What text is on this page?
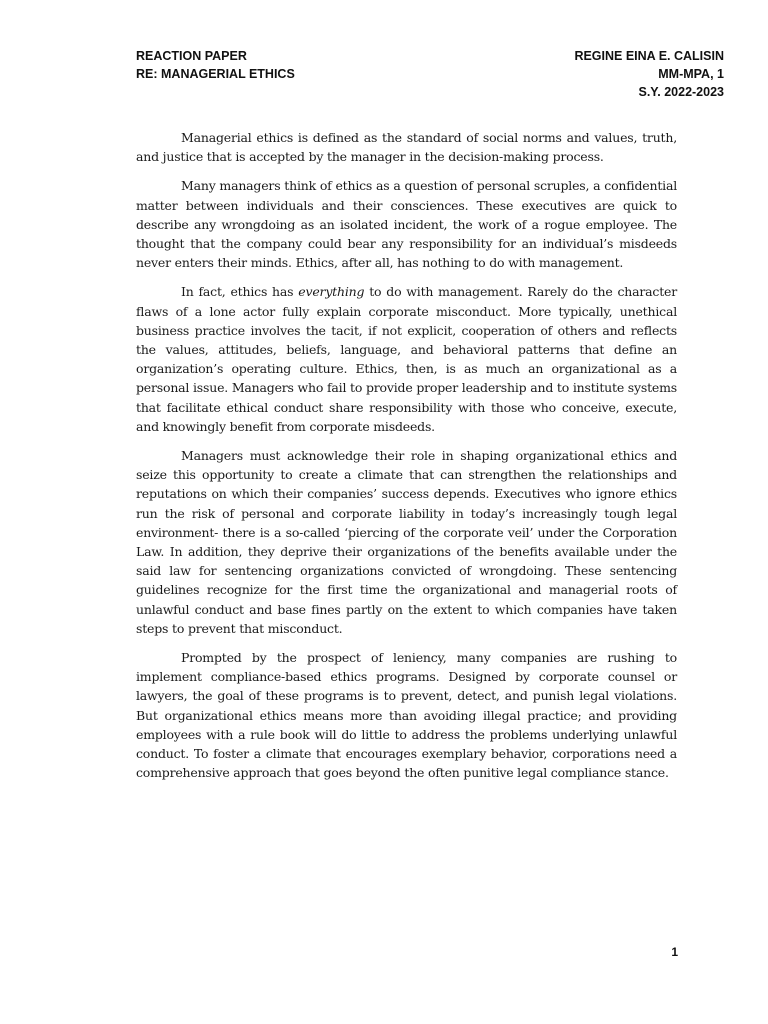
REACTION PAPER	REGINE EINA E. CALISIN
RE: MANAGERIAL ETHICS	MM-MPA, 1
S.Y. 2022-2023

Managerial ethics is defined as the standard of social norms and values, truth, and justice that is accepted by the manager in the decision-making process.

Many managers think of ethics as a question of personal scruples, a confidential matter between individuals and their consciences. These executives are quick to describe any wrongdoing as an isolated incident, the work of a rogue employee. The thought that the company could bear any responsibility for an individual’s misdeeds never enters their minds. Ethics, after all, has nothing to do with management.

In fact, ethics has everything to do with management. Rarely do the character flaws of a lone actor fully explain corporate misconduct. More typically, unethical business practice involves the tacit, if not explicit, cooperation of others and reflects the values, attitudes, beliefs, language, and behavioral patterns that define an organization’s operating culture. Ethics, then, is as much an organizational as a personal issue. Managers who fail to provide proper leadership and to institute systems that facilitate ethical conduct share responsibility with those who conceive, execute, and knowingly benefit from corporate misdeeds.

Managers must acknowledge their role in shaping organizational ethics and seize this opportunity to create a climate that can strengthen the relationships and reputations on which their companies’ success depends. Executives who ignore ethics run the risk of personal and corporate liability in today’s increasingly tough legal environment- there is a so-called ‘piercing of the corporate veil’ under the Corporation Law. In addition, they deprive their organizations of the benefits available under the said law for sentencing organizations convicted of wrongdoing. These sentencing guidelines recognize for the first time the organizational and managerial roots of unlawful conduct and base fines partly on the extent to which companies have taken steps to prevent that misconduct.

Prompted by the prospect of leniency, many companies are rushing to implement compliance-based ethics programs. Designed by corporate counsel or lawyers, the goal of these programs is to prevent, detect, and punish legal violations. But organizational ethics means more than avoiding illegal practice; and providing employees with a rule book will do little to address the problems underlying unlawful conduct. To foster a climate that encourages exemplary behavior, corporations need a comprehensive approach that goes beyond the often punitive legal compliance stance.

1
